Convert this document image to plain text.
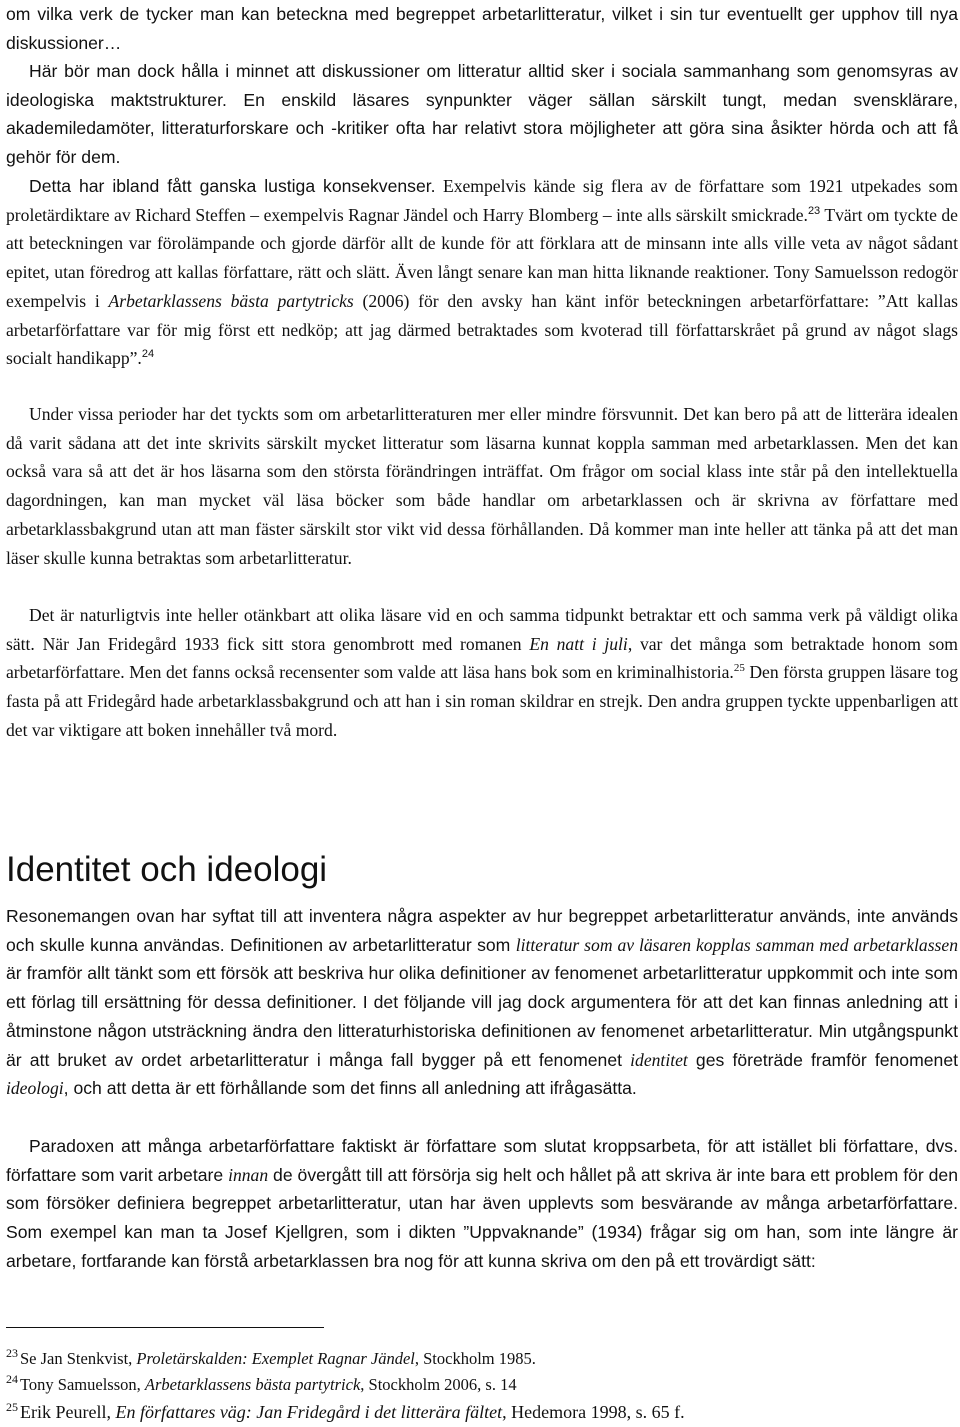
om vilka verk de tycker man kan beteckna med begreppet arbetarlitteratur, vilket i sin tur eventuellt ger upphov till nya diskussioner…

Här bör man dock hålla i minnet att diskussioner om litteratur alltid sker i sociala sammanhang som genomsyras av ideologiska maktstrukturer. En enskild läsares synpunkter väger sällan särskilt tungt, medan svensklärare, akademiledamöter, litteraturforskare och -kritiker ofta har relativt stora möjligheter att göra sina åsikter hörda och att få gehör för dem.

Detta har ibland fått ganska lustiga konsekvenser. Exempelvis kände sig flera av de författare som 1921 utpekades som proletärdiktare av Richard Steffen – exempelvis Ragnar Jändel och Harry Blomberg – inte alls särskilt smickrade.$^{23}$ Tvärt om tyckte de att beteckningen var förolämpande och gjorde därför allt de kunde för att förklara att de minsann inte alls ville veta av något sådant epitet, utan föredrog att kallas författare, rätt och slätt. Även långt senare kan man hitta liknande reaktioner. Tony Samuelsson redogör exempelvis i Arbetarklassens bästa partytricks (2006) för den avsky han känt inför beteckningen arbetarförfattare: ”Att kallas arbetarförfattare var för mig först ett nedköp; att jag därmed betraktades som kvoterad till författarskrået på grund av något slags socialt handikapp”.$^{24}$

Under vissa perioder har det tyckts som om arbetarlitteraturen mer eller mindre försvunnit. Det kan bero på att de litterära idealen då varit sådana att det inte skrivits särskilt mycket litteratur som läsarna kunnat koppla samman med arbetarklassen. Men det kan också vara så att det är hos läsarna som den största förändringen inträffat. Om frågor om social klass inte står på den intellektuella dagordningen, kan man mycket väl läsa böcker som både handlar om arbetarklassen och är skrivna av författare med arbetarklassbakgrund utan att man fäster särskilt stor vikt vid dessa förhållanden. Då kommer man inte heller att tänka på att det man läser skulle kunna betraktas som arbetarlitteratur.

Det är naturligtvis inte heller otänkbart att olika läsare vid en och samma tidpunkt betraktar ett och samma verk på väldigt olika sätt. När Jan Fridegård 1933 fick sitt stora genombrott med romanen En natt i juli, var det många som betraktade honom som arbetarförfattare. Men det fanns också recensenter som valde att läsa hans bok som en kriminalhistoria.$^{25}$ Den första gruppen läsare tog fasta på att Fridegård hade arbetarklassbakgrund och att han i sin roman skildrar en strejk. Den andra gruppen tyckte uppenbarligen att det var viktigare att boken innehåller två mord.

Identitet och ideologi

Resonemangen ovan har syftat till att inventera några aspekter av hur begreppet arbetarlitteratur används, inte används och skulle kunna användas. Definitionen av arbetarlitteratur som litteratur som av läsaren kopplas samman med arbetarklassen är framför allt tänkt som ett försök att beskriva hur olika definitioner av fenomenet arbetarlitteratur uppkommit och inte som ett förlag till ersättning för dessa definitioner. I det följande vill jag dock argumentera för att det kan finnas anledning att i åtminstone någon utsträckning ändra den litteraturhistoriska definitionen av fenomenet arbetarlitteratur. Min utgångspunkt är att bruket av ordet arbetarlitteratur i många fall bygger på ett fenomenet identitet ges företräde framför fenomenet ideologi, och att detta är ett förhållande som det finns all anledning att ifrågasätta.

Paradoxen att många arbetarförfattare faktiskt är författare som slutat kroppsarbeta, för att istället bli författare, dvs. författare som varit arbetare innan de övergått till att försörja sig helt och hållet på att skriva är inte bara ett problem för den som försöker definiera begreppet arbetarlitteratur, utan har även upplevts som besvärande av många arbetarförfattare. Som exempel kan man ta Josef Kjellgren, som i dikten ”Uppvaknande” (1934) frågar sig om han, som inte längre är arbetare, fortfarande kan förstå arbetarklassen bra nog för att kunna skriva om den på ett trovärdigt sätt:

$^{23}$ Se Jan Stenkvist, Proletärskalden: Exemplet Ragnar Jändel, Stockholm 1985.

$^{24}$ Tony Samuelsson, Arbetarklassens bästa partytrick, Stockholm 2006, s. 14

$^{25}$ Erik Peurell, En författares väg: Jan Fridegård i det litterära fältet, Hedemora 1998, s. 65 f.
